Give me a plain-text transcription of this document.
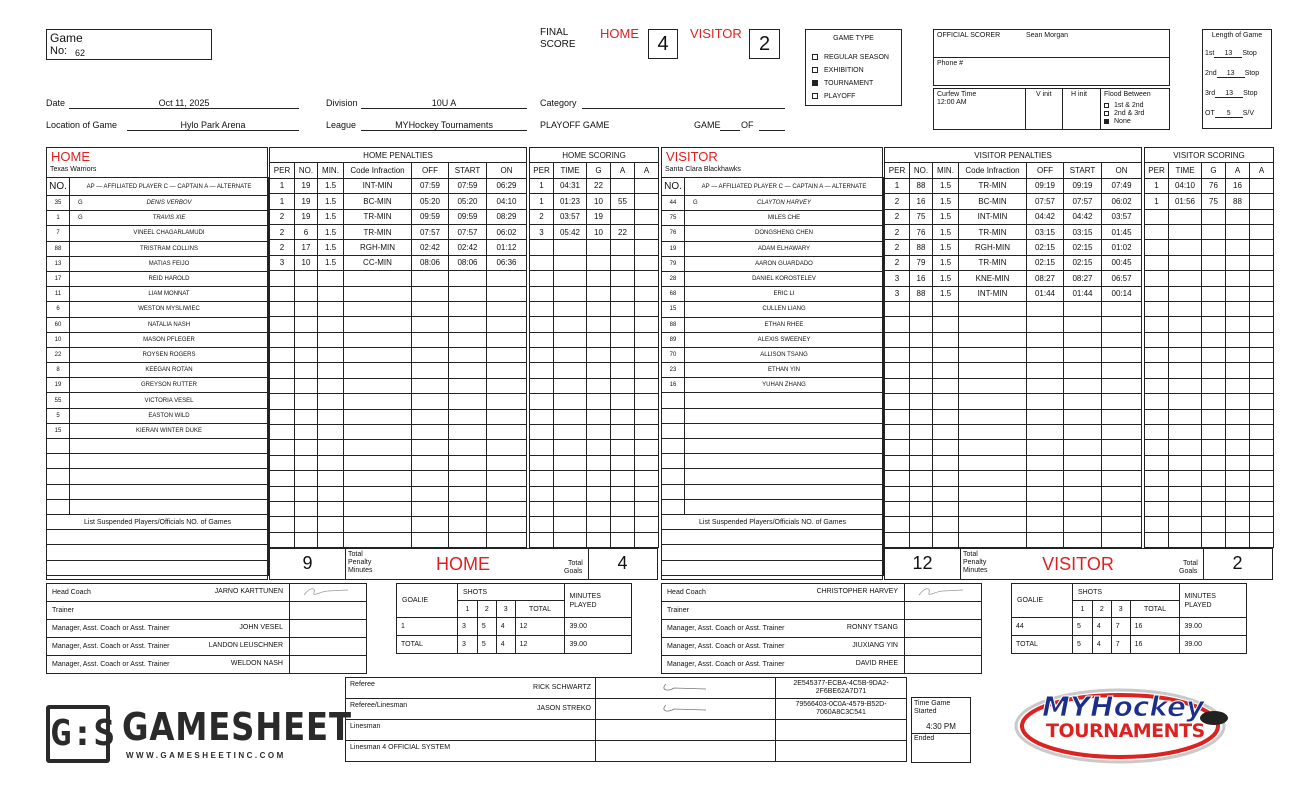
Game
No: 62
FINAL
SCORE
HOME 4	VISITOR 2	GAME TYPE
REGULAR SEASON
EXHIBITION
TOURNAMENT
PLAYOFF
OFFICIAL SCORER	Sean Morgan
Phone #
Curfew Time
12:00 AM
V init	H init Flood Between
1st & 2nd
2nd & 3rd
None
Length of Game
1st 13 Stop
2nd 13 Stop
3rd 13 Stop
OT 5 S/V
Date	Oct 11, 2025	Division	10U A	Category
Location of Game	Hylo Park Arena	League	MYHockey Tournaments	PLAYOFF GAME	GAME OF
HOME
Texas Warriors
NO.	AP — AFFILIATED PLAYER C — CAPTAIN A — ALTERNATE
35	G DENIS VERBOV
1	G TRAVIS XIE
7	VINEEL CHAGARLAMUDI
88	TRISTRAM COLLINS
13	MATIAS FEIJO
17	REID HAROLD
11	LIAM MONNAT
6	WESTON MYSLIWIEC
60	NATALIA NASH
10	MASON PFLEGER
22	ROYSEN ROGERS
8	KEEGAN ROTAN
19	GREYSON RUTTER
55	VICTORIA VESEL
5	EASTON WILD
15	KIERAN WINTER DUKE

List Suspended Players/Officials NO. of Games	

HOME PENALTIES						
PER	NO.	MIN.	Code Infraction	OFF	START	ON
1	19	1.5	INT-MIN	07:59	07:59	06:29
1	19	1.5	BC-MIN	05:20	05:20	04:10
2	19	1.5	TR-MIN	09:59	09:59	08:29
2	6	1.5	TR-MIN	07:57	07:57	06:02
2	17	1.5	RGH-MIN	02:42	02:42	01:12
3	10	1.5	CC-MIN	08:06	08:06	06:36

HOME SCORING				
PER	TIME	G	A	A
1	04:31	22		
1	01:23	10	55	
2	03:57	19		
3	05:42	10	22	

9	Total
Penalty
Minutes	HOME	Total
Goals	4
Head Coach JARNO KARTTUNEN

Trainer

Manager, Asst. Coach or Asst. Trainer JOHN VESEL	

Manager, Asst. Coach or Asst. Trainer LANDON LEUSCHNER	

Manager, Asst. Coach or Asst. Trainer WELDON NASH	

GOALIE	SHOTS				MINUTES
PLAYED

	1	2	3	TOTAL	
1	3	5	4	12	39.00
TOTAL	3	5	4	12	39.00
VISITOR
Santa Clara Blackhawks
NO.	AP — AFFILIATED PLAYER C — CAPTAIN A — ALTERNATE
44	G CLAYTON HARVEY
75	MILES CHE
76	DONGSHENG CHEN
19	ADAM ELHAWARY
79	AARON GUARDADO
28	DANIEL KOROSTELEV
68	ERIC LI
15	CULLEN LIANG
88	ETHAN RHEE
89	ALEXIS SWEENEY
70	ALLISON TSANG
23	ETHAN YIN
16	YUHAN ZHANG

List Suspended Players/Officials NO. of Games	

VISITOR PENALTIES						
PER	NO.	MIN.	Code Infraction	OFF	START	ON
1	88	1.5	TR-MIN	09:19	09:19	07:49
2	16	1.5	BC-MIN	07:57	07:57	06:02
2	75	1.5	INT-MIN	04:42	04:42	03:57
2	76	1.5	TR-MIN	03:15	03:15	01:45
2	88	1.5	RGH-MIN	02:15	02:15	01:02
2	79	1.5	TR-MIN	02:15	02:15	00:45
3	16	1.5	KNE-MIN	08:27	08:27	06:57
3	88	1.5	INT-MIN	01:44	01:44	00:14

VISITOR SCORING				
PER	TIME	G	A	A
1	04:10	76	16	
1	01:56	75	88	

12	Total
Penalty
Minutes	VISITOR	Total
Goals	2
Head Coach CHRISTOPHER HARVEY

Trainer

Manager, Asst. Coach or Asst. Trainer RONNY TSANG	

Manager, Asst. Coach or Asst. Trainer JIUXIANG YIN	

Manager, Asst. Coach or Asst. Trainer DAVID RHEE	

GOALIE	SHOTS				MINUTES
PLAYED

	1	2	3	TOTAL	
44	5	4	7	16	39.00
TOTAL	5	4	7	16	39.00
Referee RICK SCHWARTZ		2E545377-ECBA-4C5B-9DA2-2F6BE62A7D71
Referee/Linesman JASON STREKO		79566403-0C0A-4579-B52D-7060A8C3C541
Linesman

Linesman 4 OFFICIAL SYSTEM

Time Game
Started
4:30 PM
Ended
G:S GAMESHEET
WWW.GAMESHEETINC.COM
MYHockey
TOURNAMENTS
